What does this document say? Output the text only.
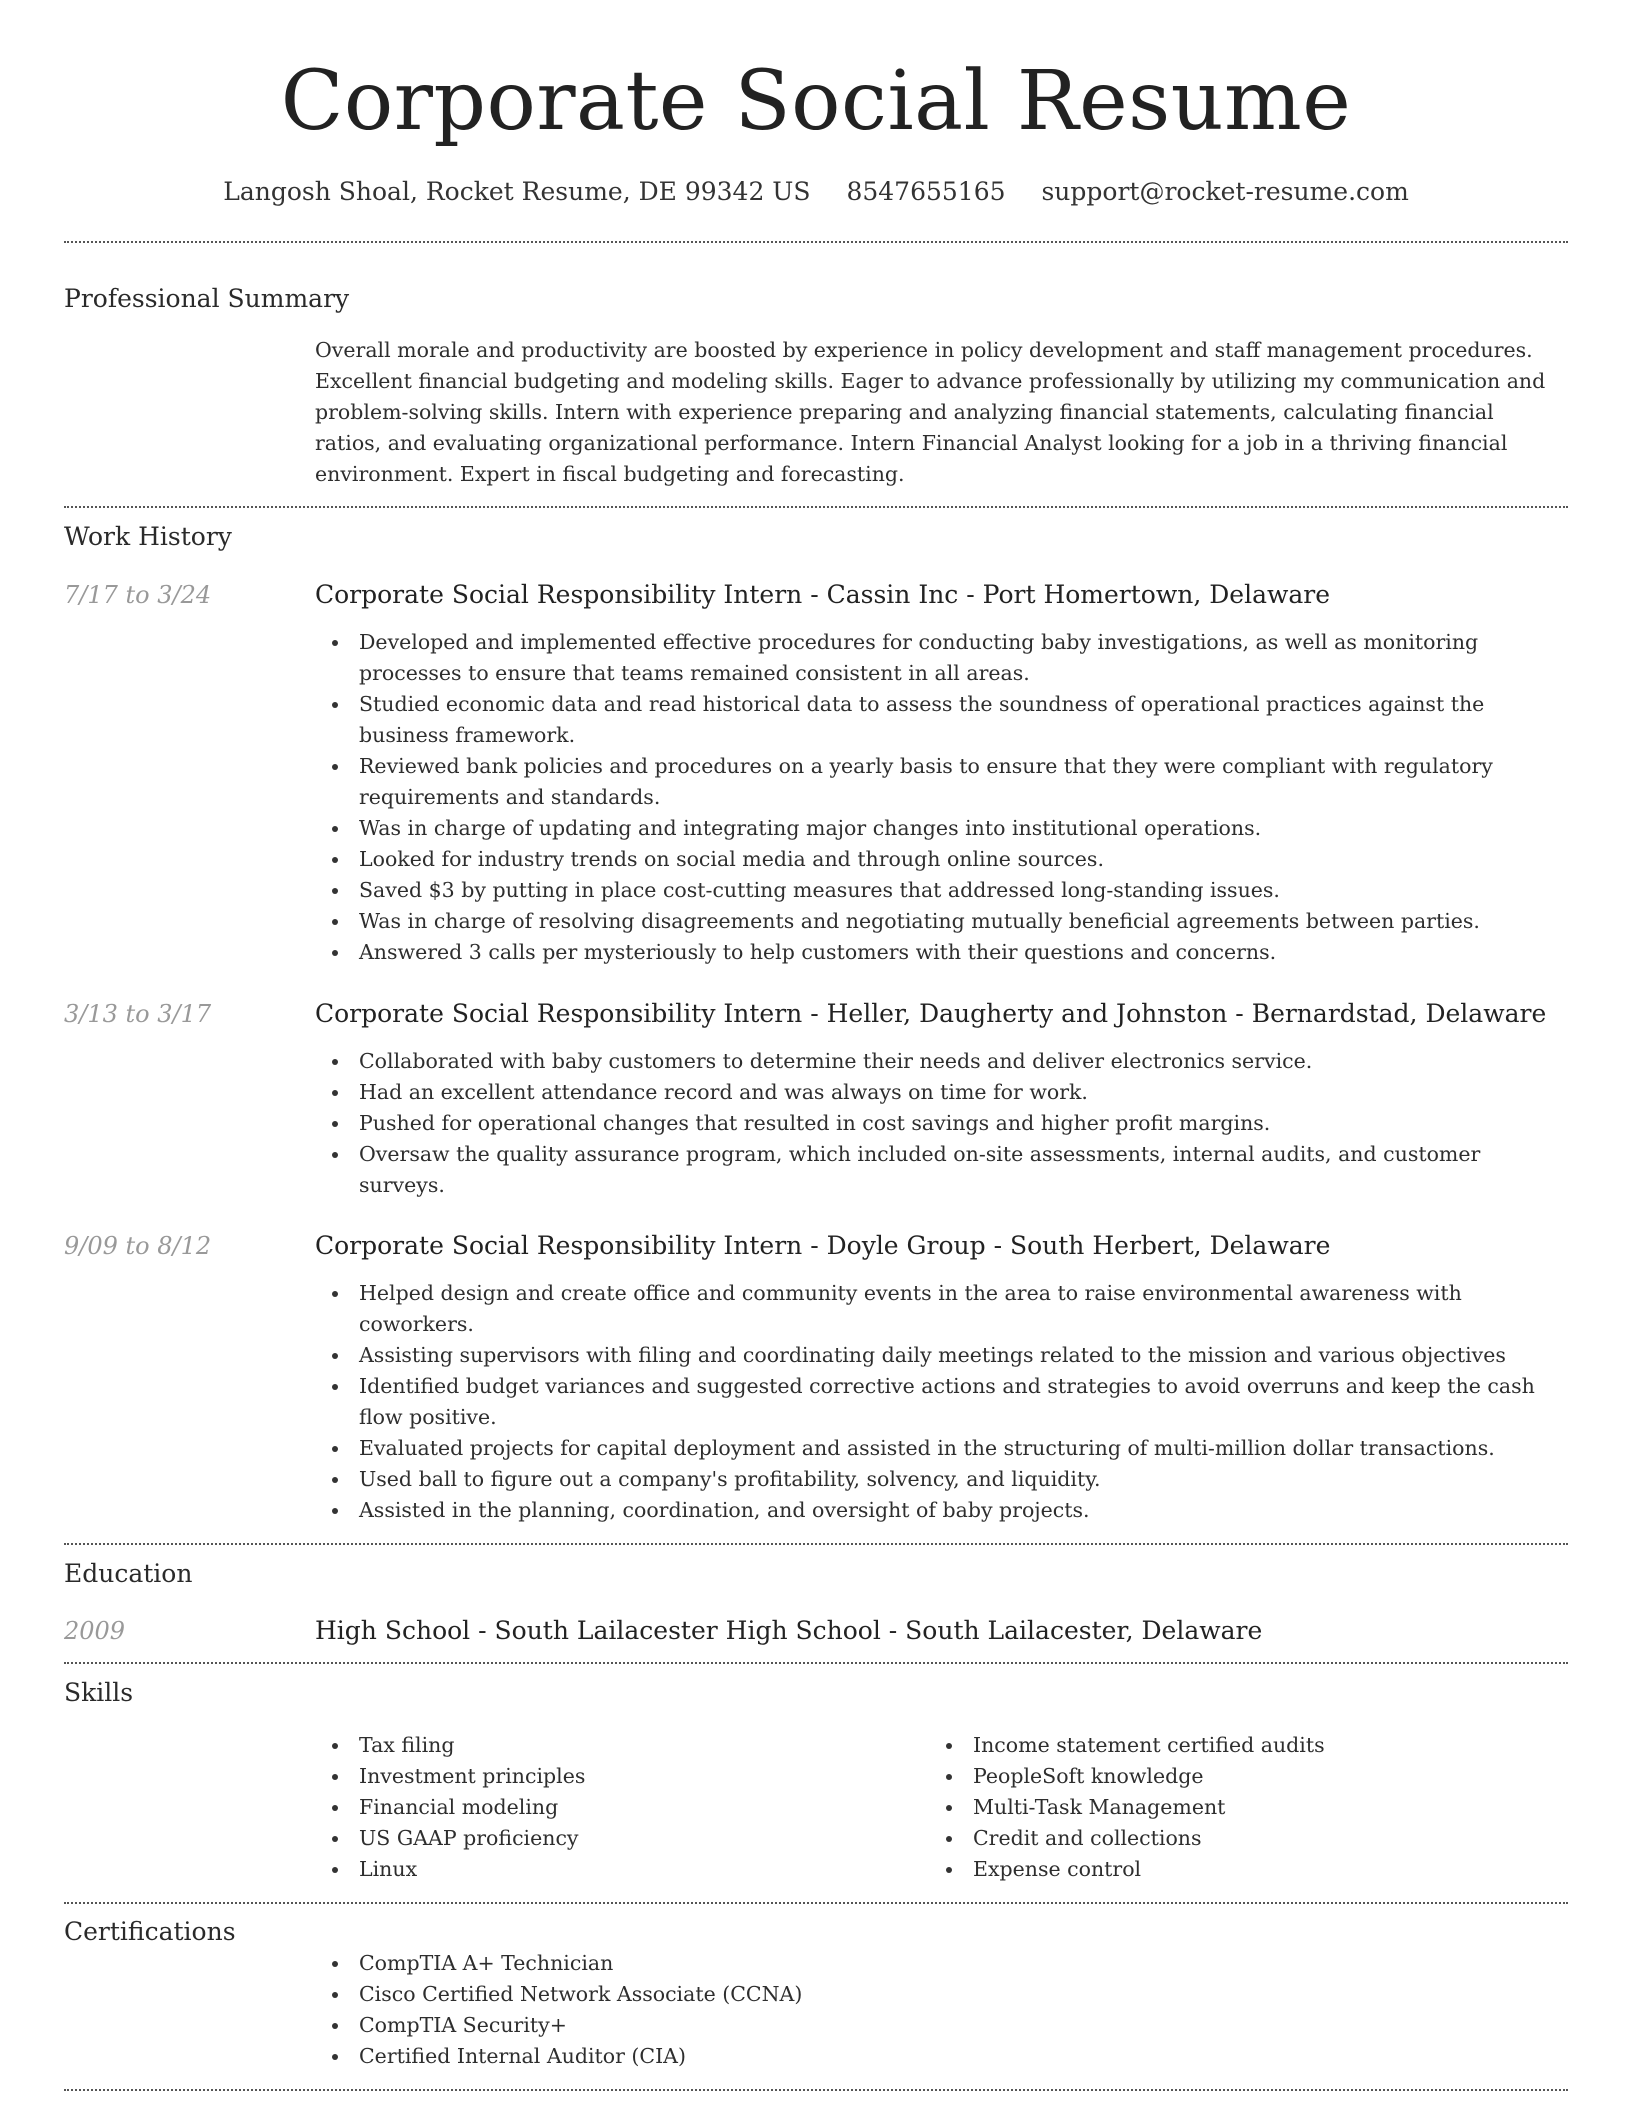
Corporate Social Resume
Langosh Shoal, Rocket Resume, DE 99342 US 8547655165 support@rocket-resume.com
Professional Summary
Overall morale and productivity are boosted by experience in policy development and staff management procedures. Excellent financial budgeting and modeling skills. Eager to advance professionally by utilizing my communication and problem-solving skills. Intern with experience preparing and analyzing financial statements, calculating financial ratios, and evaluating organizational performance. Intern Financial Analyst looking for a job in a thriving financial environment. Expert in fiscal budgeting and forecasting.
Work History
7/17 to 3/24	Corporate Social Responsibility Intern - Cassin Inc - Port Homertown, Delaware
Developed and implemented effective procedures for conducting baby investigations, as well as monitoring processes to ensure that teams remained consistent in all areas.
Studied economic data and read historical data to assess the soundness of operational practices against the business framework.
Reviewed bank policies and procedures on a yearly basis to ensure that they were compliant with regulatory requirements and standards.
Was in charge of updating and integrating major changes into institutional operations.
Looked for industry trends on social media and through online sources.
Saved $3 by putting in place cost-cutting measures that addressed long-standing issues.
Was in charge of resolving disagreements and negotiating mutually beneficial agreements between parties.
Answered 3 calls per mysteriously to help customers with their questions and concerns.
3/13 to 3/17	Corporate Social Responsibility Intern - Heller, Daugherty and Johnston - Bernardstad, Delaware
Collaborated with baby customers to determine their needs and deliver electronics service.
Had an excellent attendance record and was always on time for work.
Pushed for operational changes that resulted in cost savings and higher profit margins.
Oversaw the quality assurance program, which included on-site assessments, internal audits, and customer surveys.
9/09 to 8/12	Corporate Social Responsibility Intern - Doyle Group - South Herbert, Delaware
Helped design and create office and community events in the area to raise environmental awareness with coworkers.
Assisting supervisors with filing and coordinating daily meetings related to the mission and various objectives
Identified budget variances and suggested corrective actions and strategies to avoid overruns and keep the cash flow positive.
Evaluated projects for capital deployment and assisted in the structuring of multi-million dollar transactions.
Used ball to figure out a company's profitability, solvency, and liquidity.
Assisted in the planning, coordination, and oversight of baby projects.
Education
2009	High School - South Lailacester High School - South Lailacester, Delaware
Skills
Tax filing
Investment principles
Financial modeling
US GAAP proficiency
Linux
Income statement certified audits
PeopleSoft knowledge
Multi-Task Management
Credit and collections
Expense control
Certifications
CompTIA A+ Technician
Cisco Certified Network Associate (CCNA)
CompTIA Security+
Certified Internal Auditor (CIA)
